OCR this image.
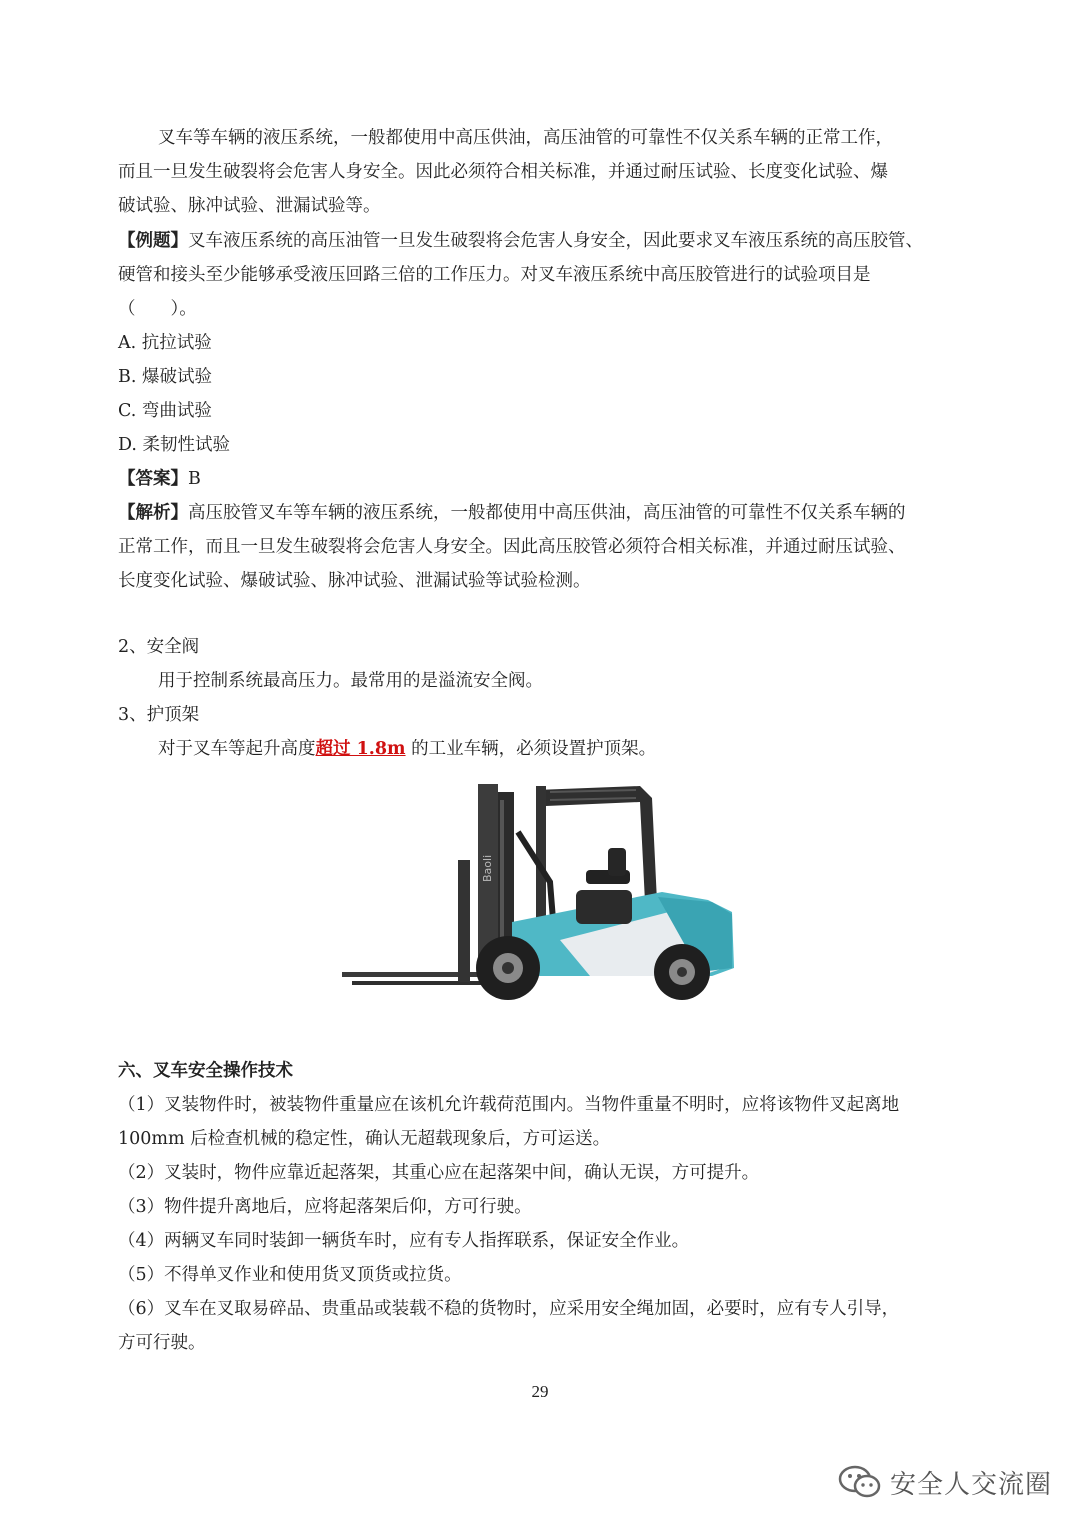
叉车等车辆的液压系统，一般都使用中高压供油，高压油管的可靠性不仅关系车辆的正常工作，
而且一旦发生破裂将会危害人身安全。因此必须符合相关标准，并通过耐压试验、长度变化试验、爆
破试验、脉冲试验、泄漏试验等。
【例题】叉车液压系统的高压油管一旦发生破裂将会危害人身安全，因此要求叉车液压系统的高压胶管、
硬管和接头至少能够承受液压回路三倍的工作压力。对叉车液压系统中高压胶管进行的试验项目是
（　　）。
A. 抗拉试验
B. 爆破试验
C. 弯曲试验
D. 柔韧性试验
【答案】B
【解析】高压胶管叉车等车辆的液压系统，一般都使用中高压供油，高压油管的可靠性不仅关系车辆的
正常工作，而且一旦发生破裂将会危害人身安全。因此高压胶管必须符合相关标准，并通过耐压试验、
长度变化试验、爆破试验、脉冲试验、泄漏试验等试验检测。
2、安全阀
用于控制系统最高压力。最常用的是溢流安全阀。
3、护顶架
对于叉车等起升高度超过 1.8m 的工业车辆，必须设置护顶架。
Baoli
六、叉车安全操作技术
（1）叉装物件时，被装物件重量应在该机允许载荷范围内。当物件重量不明时，应将该物件叉起离地
100mm 后检查机械的稳定性，确认无超载现象后，方可运送。
（2）叉装时，物件应靠近起落架，其重心应在起落架中间，确认无误，方可提升。
（3）物件提升离地后，应将起落架后仰，方可行驶。
（4）两辆叉车同时装卸一辆货车时，应有专人指挥联系，保证安全作业。
（5）不得单叉作业和使用货叉顶货或拉货。
（6）叉车在叉取易碎品、贵重品或装载不稳的货物时，应采用安全绳加固，必要时，应有专人引导，
方可行驶。
29
安全人交流圈
